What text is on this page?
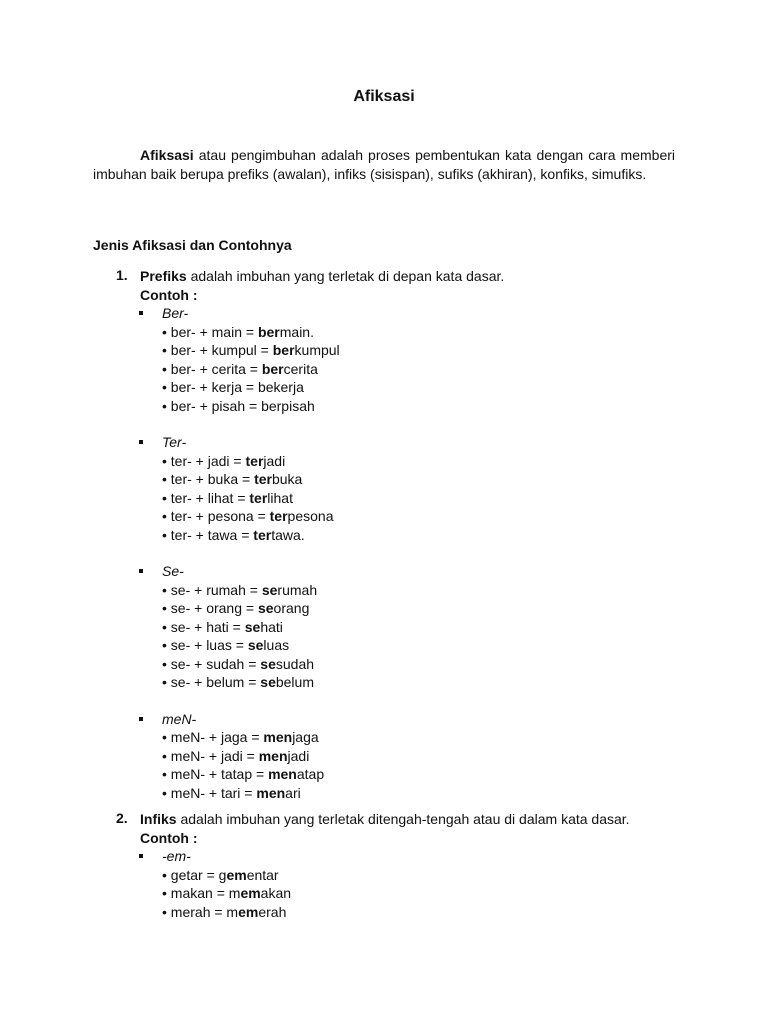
Afiksasi
Afiksasi atau pengimbuhan adalah proses pembentukan kata dengan cara memberi imbuhan baik berupa prefiks (awalan), infiks (sisispan), sufiks (akhiran), konfiks, simufiks.
Jenis Afiksasi dan Contohnya
1. Prefiks adalah imbuhan yang terletak di depan kata dasar.
Contoh :
Ber-
• ber- + main = bermain.
• ber- + kumpul = berkumpul
• ber- + cerita = bercerita
• ber- + kerja = bekerja
• ber- + pisah = berpisah
Ter-
• ter- + jadi = terjadi
• ter- + buka = terbuka
• ter- + lihat = terlihat
• ter- + pesona = terpesona
• ter- + tawa = tertawa.
Se-
• se- + rumah = serumah
• se- + orang = seorang
• se- + hati = sehati
• se- + luas = seluas
• se- + sudah = sesudah
• se- + belum = sebelum
meN-
• meN- + jaga = menjaga
• meN- + jadi = menjadi
• meN- + tatap = menatap
• meN- + tari = menari
2. Infiks adalah imbuhan yang terletak ditengah-tengah atau di dalam kata dasar.
Contoh :
-em-
• getar = gementar
• makan = memakan
• merah = memerah
